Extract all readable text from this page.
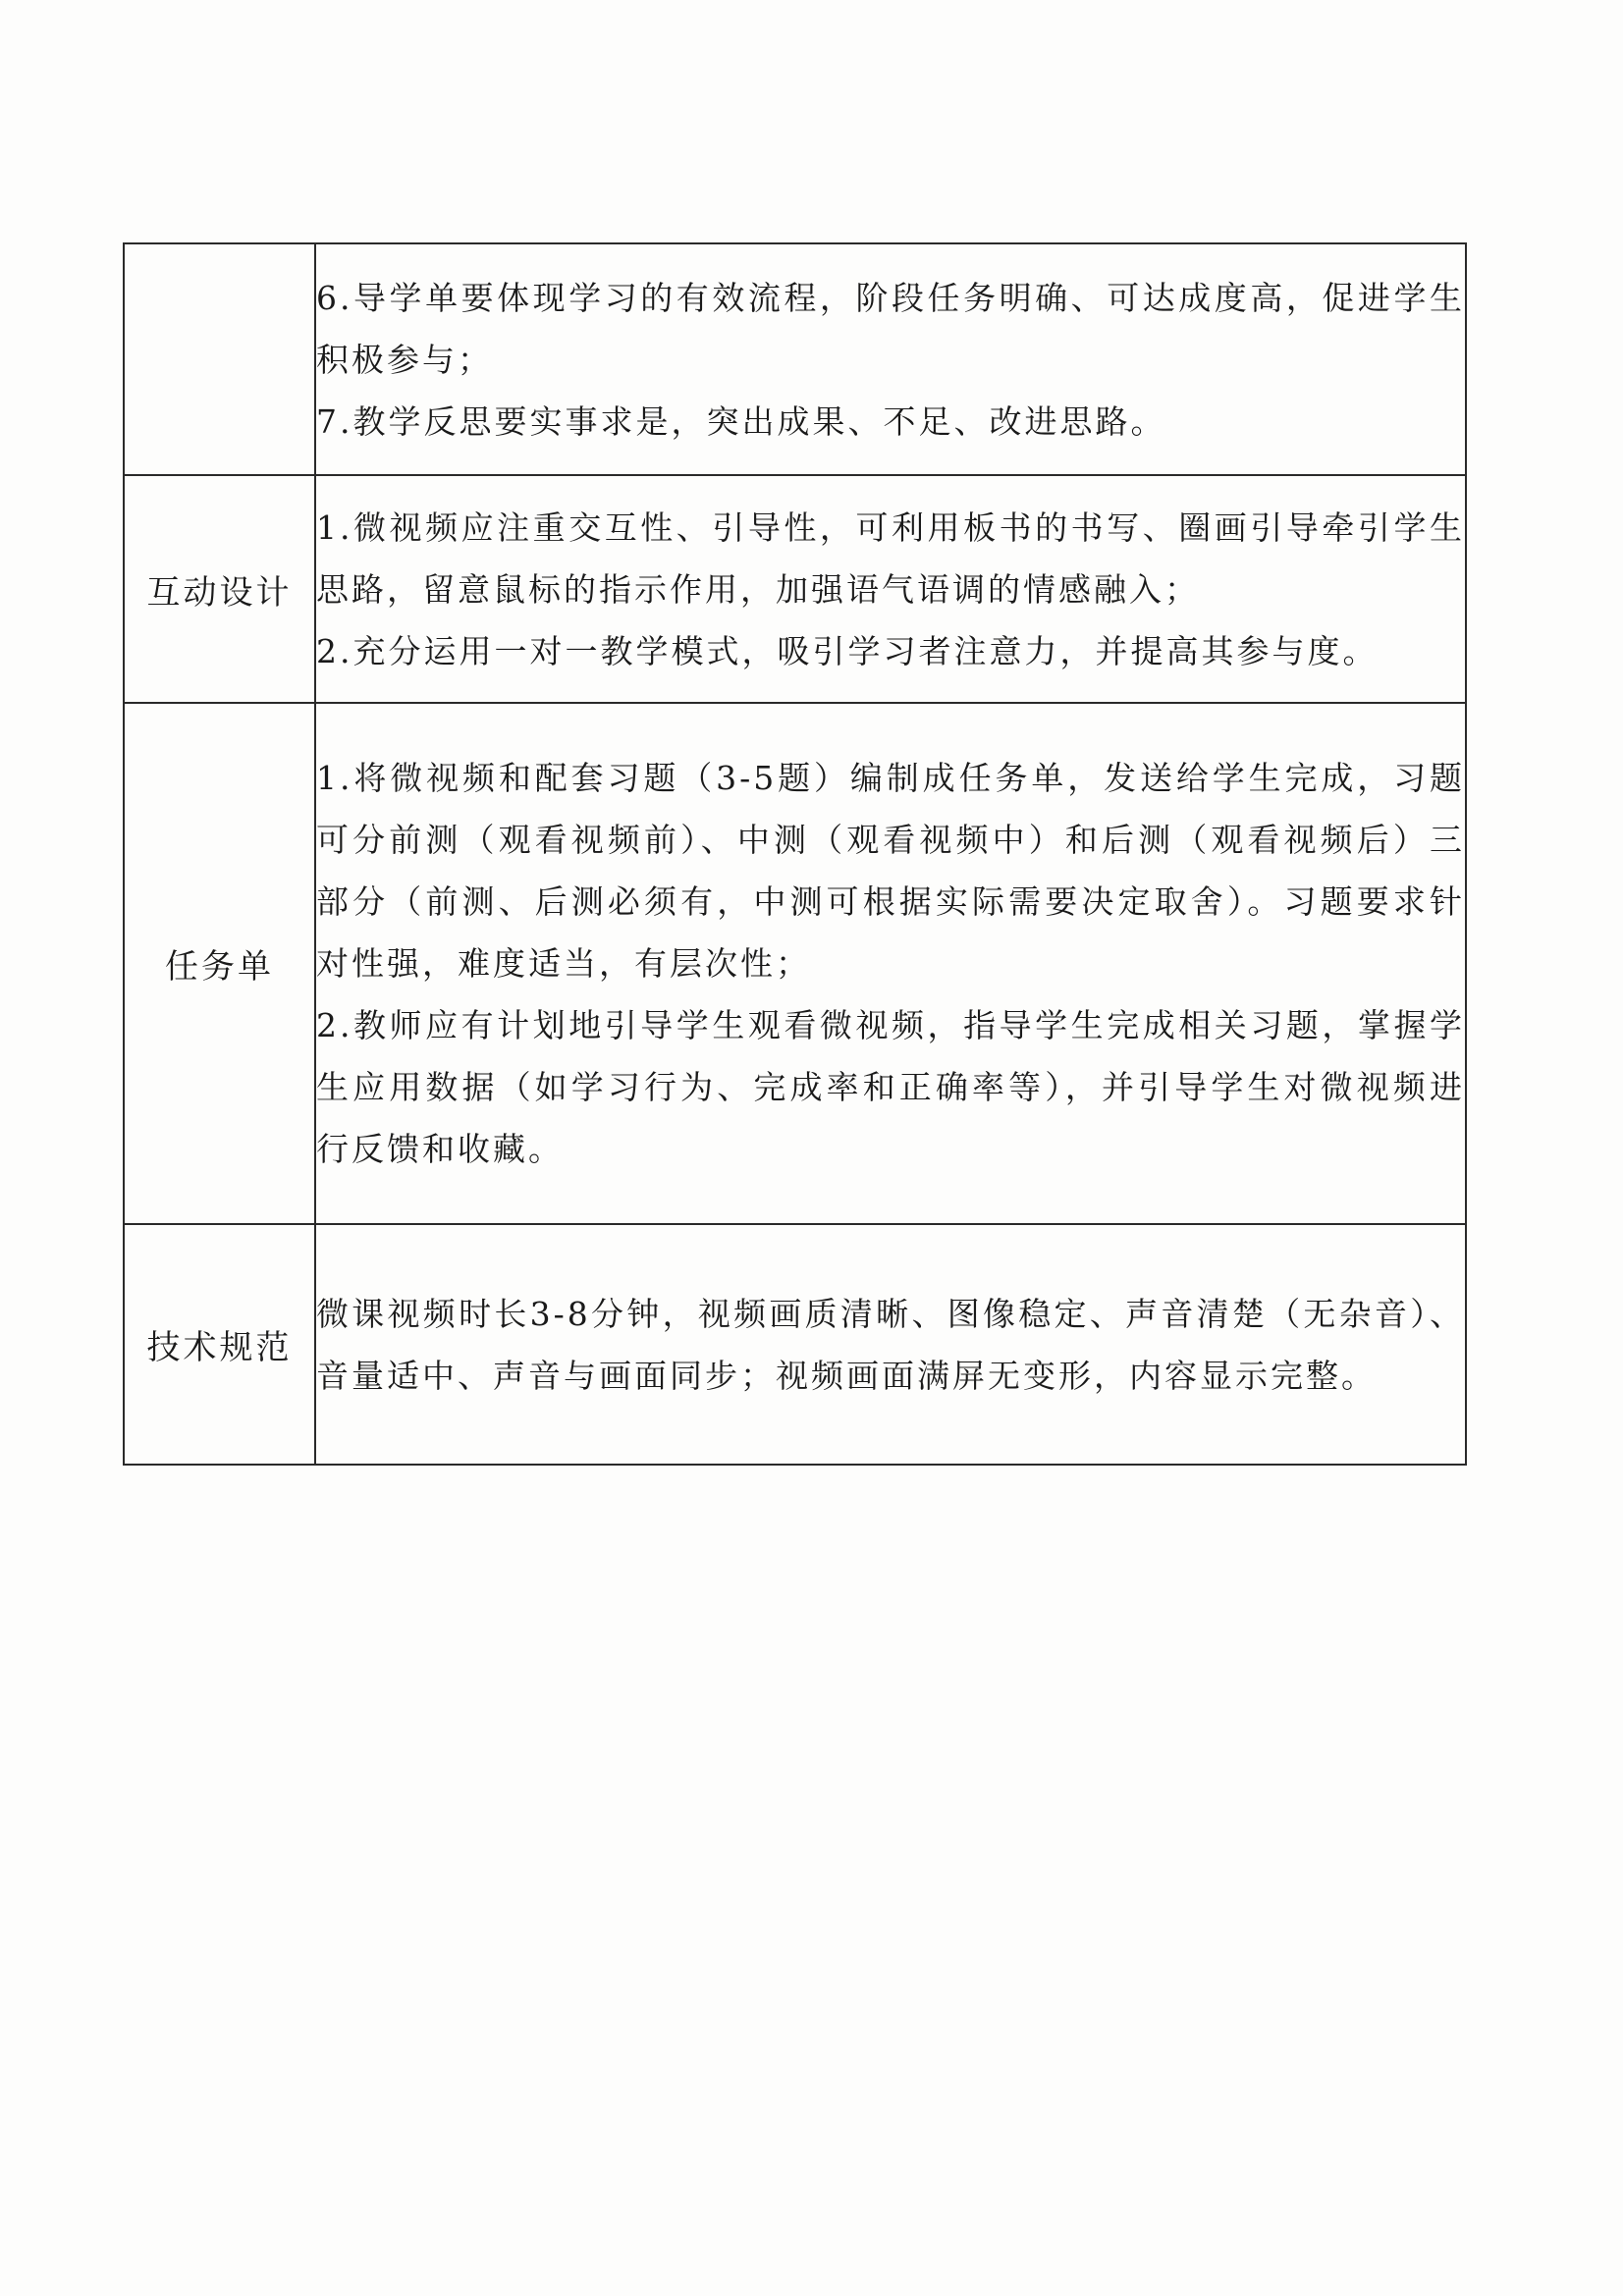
	6.导学单要体现学习的有效流程，阶段任务明确、可达成度高，促进学生积极参与；

7.教学反思要实事求是，突出成果、不足、改进思路。

互动设计	1.微视频应注重交互性、引导性，可利用板书的书写、圈画引导牵引学生思路，留意鼠标的指示作用，加强语气语调的情感融入；

2.充分运用一对一教学模式，吸引学习者注意力，并提高其参与度。

任务单	1.将微视频和配套习题（3-5题）编制成任务单，发送给学生完成，习题可分前测（观看视频前）、中测（观看视频中）和后测（观看视频后）三部分（前测、后测必须有，中测可根据实际需要决定取舍）。习题要求针对性强，难度适当，有层次性；

2.教师应有计划地引导学生观看微视频，指导学生完成相关习题，掌握学生应用数据（如学习行为、完成率和正确率等），并引导学生对微视频进行反馈和收藏。

技术规范	微课视频时长3-8分钟，视频画质清晰、图像稳定、声音清楚（无杂音）、音量适中、声音与画面同步；视频画面满屏无变形，内容显示完整。
